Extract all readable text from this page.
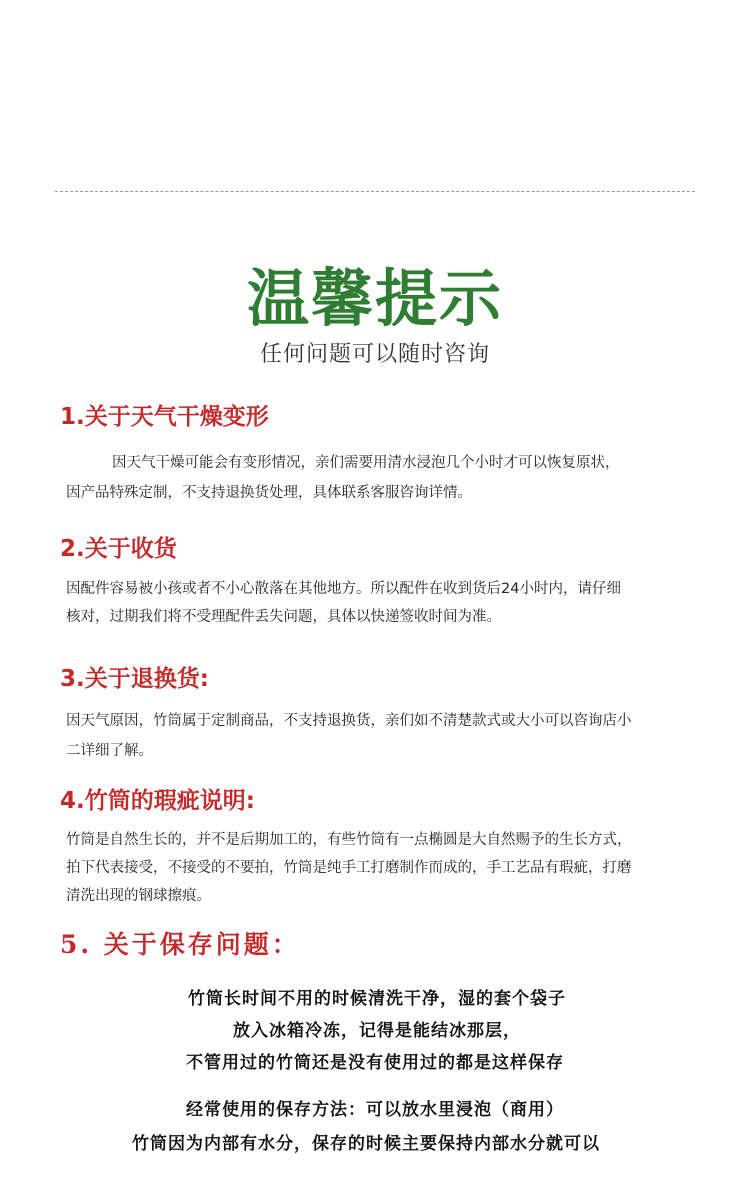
温馨提示
任何问题可以随时咨询
1.关于天气干燥变形

因天气干燥可能会有变形情况，亲们需要用清水浸泡几个小时才可以恢复原状，

因产品特殊定制，不支持退换货处理，具体联系客服咨询详情。

2.关于收货

因配件容易被小孩或者不小心散落在其他地方。所以配件在收到货后24小时内，请仔细

核对，过期我们将不受理配件丢失问题，具体以快递签收时间为准。

3.关于退换货:

因天气原因，竹筒属于定制商品，不支持退换货，亲们如不清楚款式或大小可以咨询店小

二详细了解。

4.竹筒的瑕疵说明:

竹筒是自然生长的，并不是后期加工的，有些竹筒有一点椭圆是大自然赐予的生长方式，

拍下代表接受，不接受的不要拍，竹筒是纯手工打磨制作而成的，手工艺品有瑕疵，打磨

清洗出现的钢球擦痕。

5. 关于保存问题：

竹筒长时间不用的时候清洗干净，湿的套个袋子

放入冰箱冷冻，记得是能结冰那层，

不管用过的竹筒还是没有使用过的都是这样保存

经常使用的保存方法：可以放水里浸泡（商用）

竹筒因为内部有水分，保存的时候主要保持内部水分就可以
